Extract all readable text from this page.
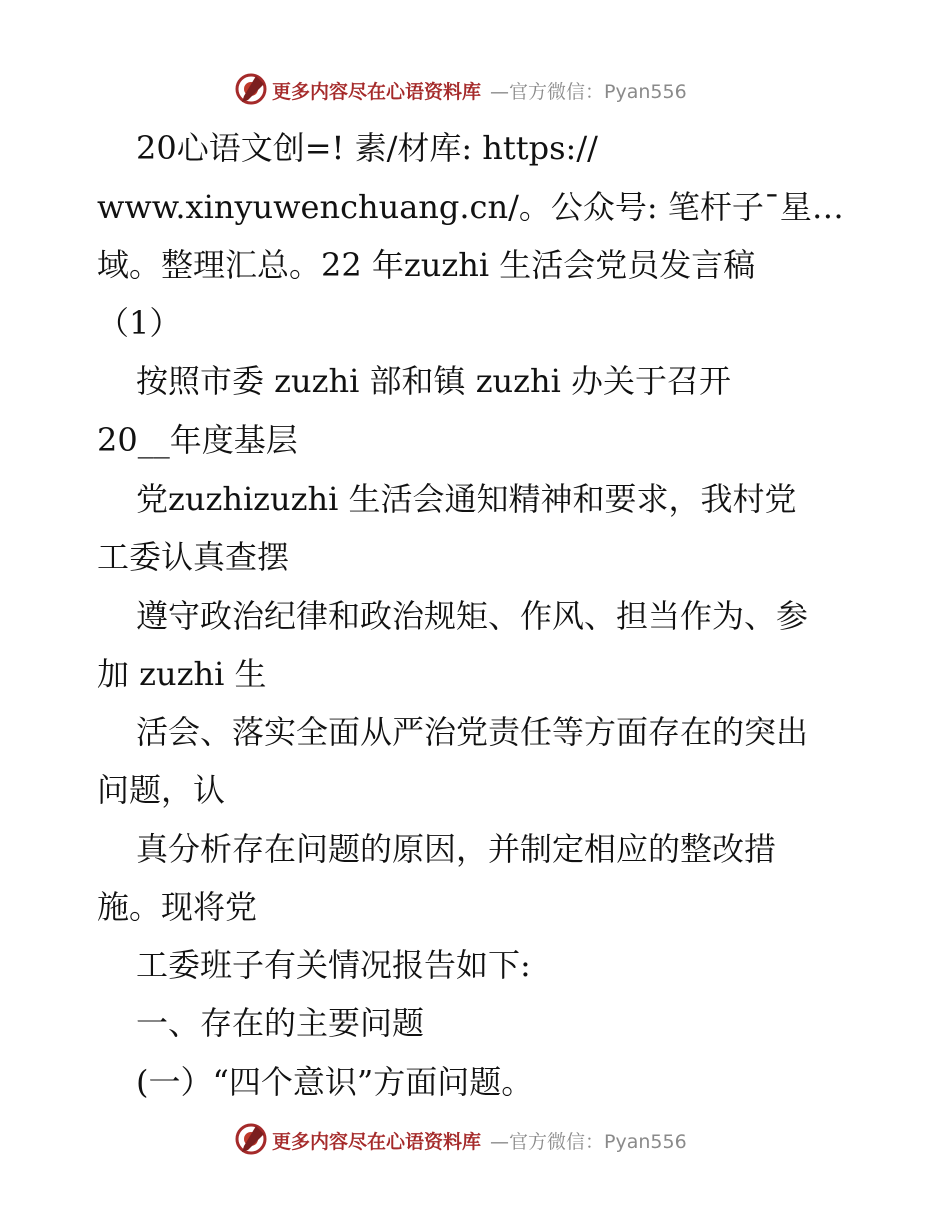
更多内容尽在心语资料库 —官方微信：Pyan556
20心语文创=! 素/材库: https://
www.xinyuwenchuang.cn/。公众号: 笔杆子¯星…
域。整理汇总。22 年zuzhi 生活会党员发言稿
（1）
按照市委 zuzhi 部和镇 zuzhi 办关于召开
20__年度基层
党zuzhizuzhi 生活会通知精神和要求，我村党
工委认真查摆
遵守政治纪律和政治规矩、作风、担当作为、参
加 zuzhi 生
活会、落实全面从严治党责任等方面存在的突出
问题，认
真分析存在问题的原因，并制定相应的整改措
施。现将党
工委班子有关情况报告如下:
一、存在的主要问题
(一）“四个意识”方面问题。
更多内容尽在心语资料库 —官方微信：Pyan556
